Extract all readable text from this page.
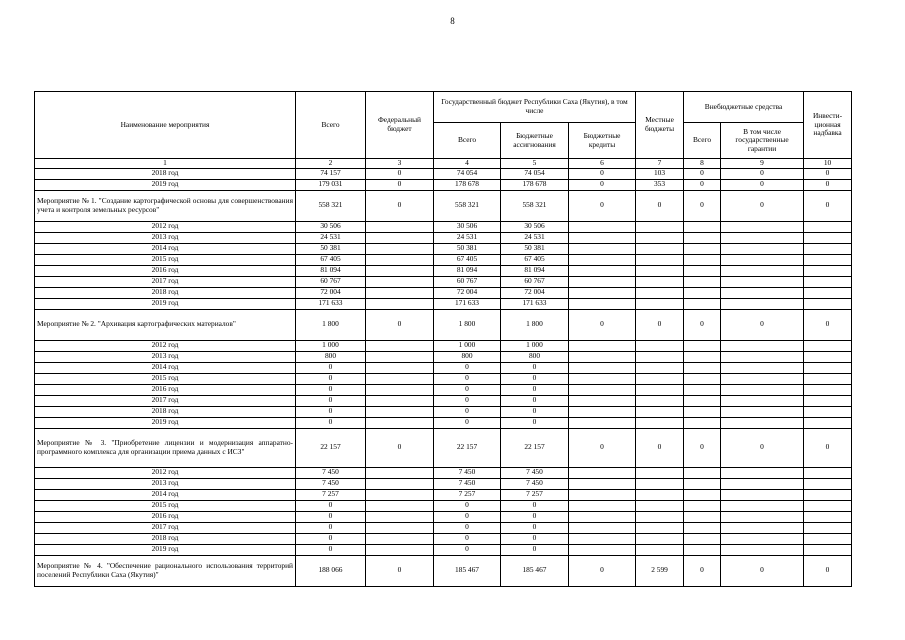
8
Наименование мероприятия	Всего	Федеральный бюджет	Государственный бюджет Республики Саха (Якутия), в том числе			Местные бюджеты	Внебюджетные средства		Инвести-ционная надбавка
			Всего	Бюджетные ассигнования	Бюджетные кредиты		Всего	В том числе государственные гарантии	
1	2	3	4	5	6	7	8	9	10
2018 год	74 157	0	74 054	74 054	0	103	0	0	0
2019 год	179 031	0	178 678	178 678	0	353	0	0	0
Мероприятие № 1. "Создание картографической основы для совершенствования учета и контроля земельных ресурсов"	558 321	0	558 321	558 321	0	0	0	0	0
2012 год	30 506		30 506	30 506					
2013 год	24 531		24 531	24 531					
2014 год	50 381		50 381	50 381					
2015 год	67 405		67 405	67 405					
2016 год	81 094		81 094	81 094					
2017 год	60 767		60 767	60 767					
2018 год	72 004		72 004	72 004					
2019 год	171 633		171 633	171 633					
Мероприятие № 2. "Архивация картографических материалов"	1 800	0	1 800	1 800	0	0	0	0	0
2012 год	1 000		1 000	1 000					
2013 год	800		800	800					
2014 год	0		0	0					
2015 год	0		0	0					
2016 год	0		0	0					
2017 год	0		0	0					
2018 год	0		0	0					
2019 год	0		0	0					
Мероприятие № 3. "Приобретение лицензии и модернизация аппаратно-программного комплекса для организации приема данных с ИСЗ"	22 157	0	22 157	22 157	0	0	0	0	0
2012 год	7 450		7 450	7 450					
2013 год	7 450		7 450	7 450					
2014 год	7 257		7 257	7 257					
2015 год	0		0	0					
2016 год	0		0	0					
2017 год	0		0	0					
2018 год	0		0	0					
2019 год	0		0	0					
Мероприятие № 4. "Обеспечение рационального использования территорий поселений Республики Саха (Якутия)"	188 066	0	185 467	185 467	0	2 599	0	0	0
